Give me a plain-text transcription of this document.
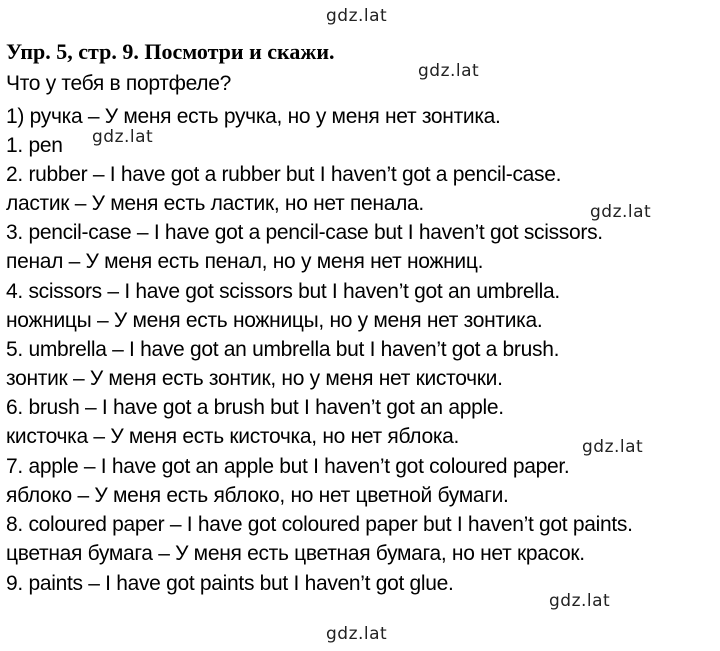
gdz.lat
gdz.lat
gdz.lat
gdz.lat
gdz.lat
gdz.lat
gdz.lat
Упр. 5, стр. 9. Посмотри и скажи.
Что у тебя в портфеле?
1) ручка – У меня есть ручка, но у меня нет зонтика.
1. pen
2. rubber – I have got a rubber but I haven’t got a pencil-case.
ластик – У меня есть ластик, но нет пенала.
3. pencil-case – I have got a pencil-case but I haven’t got scissors.
пенал – У меня есть пенал, но у меня нет ножниц.
4. scissors – I have got scissors but I haven’t got an umbrella.
ножницы – У меня есть ножницы, но у меня нет зонтика.
5. umbrella – I have got an umbrella but I haven’t got a brush.
зонтик – У меня есть зонтик, но у меня нет кисточки.
6. brush – I have got a brush but I haven’t got an apple.
кисточка – У меня есть кисточка, но нет яблока.
7. apple – I have got an apple but I haven’t got coloured paper.
яблоко – У меня есть яблоко, но нет цветной бумаги.
8. coloured paper – I have got coloured paper but I haven’t got paints.
цветная бумага – У меня есть цветная бумага, но нет красок.
9. paints – I have got paints but I haven’t got glue.
